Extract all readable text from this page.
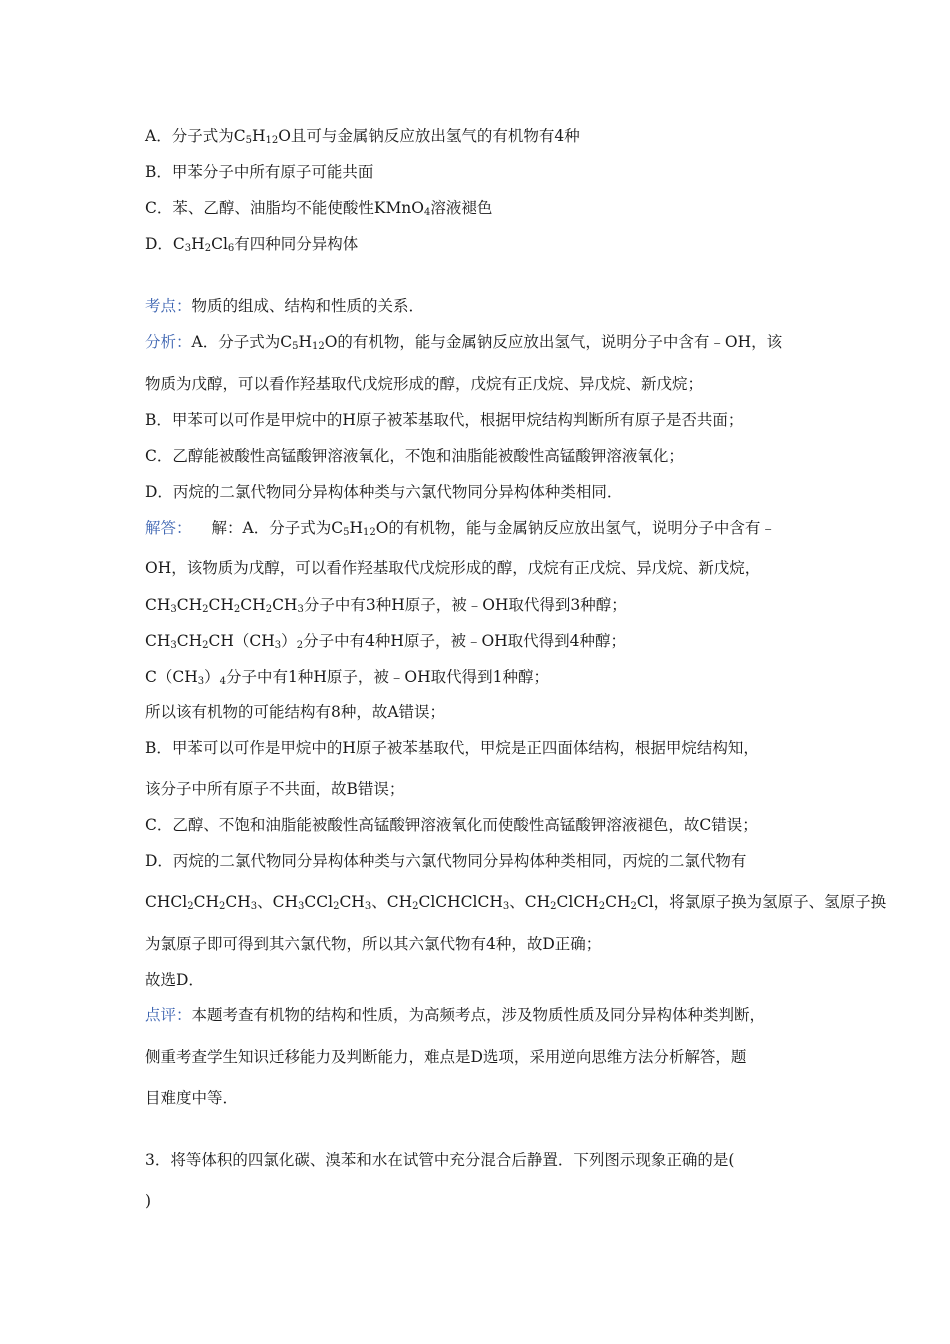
A．分子式为$C_5H_{12}O$且可与金属钠反应放出氢气的有机物有4种
B．甲苯分子中所有原子可能共面
C．苯、乙醇、油脂均不能使酸性KMnO$_4$溶液褪色
D．$C_3H_2Cl_6$有四种同分异构体
考点：物质的组成、结构和性质的关系．
分析：A．分子式为$C_5H_{12}O$的有机物，能与金属钠反应放出氢气，说明分子中含有﹣OH，该
物质为戊醇，可以看作羟基取代戊烷形成的醇，戊烷有正戊烷、异戊烷、新戊烷；
B．甲苯可以可作是甲烷中的H原子被苯基取代，根据甲烷结构判断所有原子是否共面；
C．乙醇能被酸性高锰酸钾溶液氧化，不饱和油脂能被酸性高锰酸钾溶液氧化；
D．丙烷的二氯代物同分异构体种类与六氯代物同分异构体种类相同．
解答： 解：A．分子式为$C_5H_{12}O$的有机物，能与金属钠反应放出氢气，说明分子中含有﹣
OH，该物质为戊醇，可以看作羟基取代戊烷形成的醇，戊烷有正戊烷、异戊烷、新戊烷，
$CH_3CH_2CH_2CH_2CH_3$分子中有3种H原子，被﹣OH取代得到3种醇；
$CH_3CH_2CH(CH_3)_2$分子中有4种H原子，被﹣OH取代得到4种醇；
$C(CH_3)_4$分子中有1种H原子，被﹣OH取代得到1种醇；
所以该有机物的可能结构有8种，故A错误；
B．甲苯可以可作是甲烷中的H原子被苯基取代，甲烷是正四面体结构，根据甲烷结构知，
该分子中所有原子不共面，故B错误；
C．乙醇、不饱和油脂能被酸性高锰酸钾溶液氧化而使酸性高锰酸钾溶液褪色，故C错误；
D．丙烷的二氯代物同分异构体种类与六氯代物同分异构体种类相同，丙烷的二氯代物有
$CHCl_2CH_2CH_3$、$CH_3CCl_2CH_3$、$CH_2ClCHClCH_3$、$CH_2ClCH_2CH_2Cl$，将氯原子换为氢原子、氢原子换
为氯原子即可得到其六氯代物，所以其六氯代物有4种，故D正确；
故选D．
点评：本题考查有机物的结构和性质，为高频考点，涉及物质性质及同分异构体种类判断，
侧重考查学生知识迁移能力及判断能力，难点是D选项，采用逆向思维方法分析解答，题
目难度中等．
3．将等体积的四氯化碳、溴苯和水在试管中充分混合后静置．下列图示现象正确的是(
)
